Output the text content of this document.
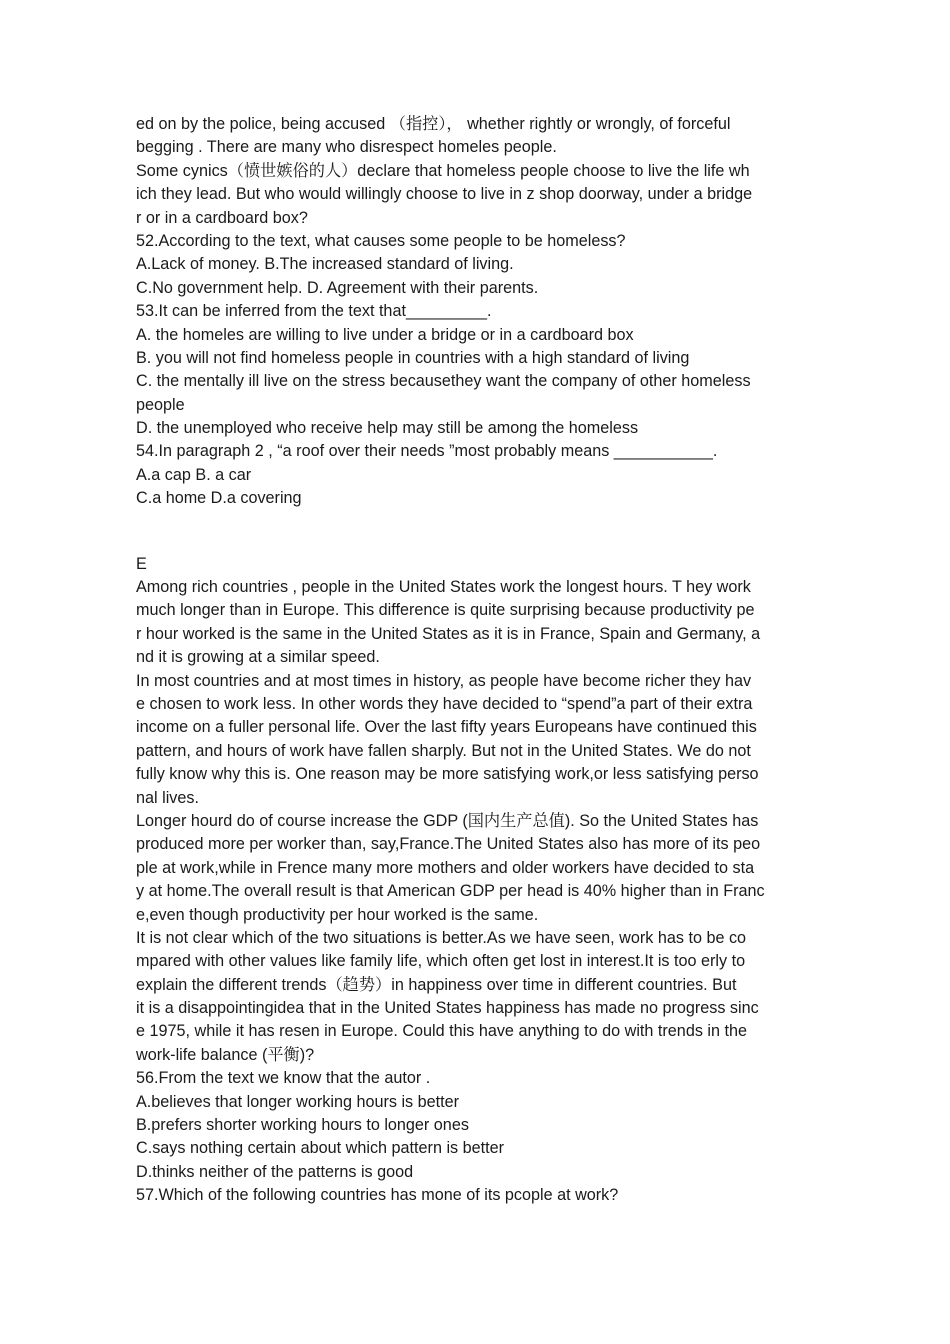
ed on by the police, being accused （指控）， whether rightly or wrongly, of forceful
begging . There are many who disrespect homeles people.
Some cynics（愤世嫉俗的人）declare that homeless people choose to live the life wh
ich they lead. But who would willingly choose to live in z shop doorway, under a bridge
r or in a cardboard box?
52.According to the text, what causes some people to be homeless?
A.Lack of money. B.The increased standard of living.
C.No government help. D. Agreement with their parents.
53.It can be inferred from the text that_________.
A. the homeles are willing to live under a bridge or in a cardboard box
B. you will not find homeless people in countries with a high standard of living
C. the mentally ill live on the stress becausethey want the company of other homeless
people
D. the unemployed who receive help may still be among the homeless
54.In paragraph 2 , “a roof over their needs ”most probably means ___________.
A.a cap B. a car
C.a home D.a covering
E
Among rich countries , people in the United States work the longest hours. T hey work
much longer than in Europe. This difference is quite surprising because productivity pe
r hour worked is the same in the United States as it is in France, Spain and Germany, a
nd it is growing at a similar speed.
In most countries and at most times in history, as people have become richer they hav
e chosen to work less. In other words they have decided to “spend”a part of their extra
income on a fuller personal life. Over the last fifty years Europeans have continued this
pattern, and hours of work have fallen sharply. But not in the United States. We do not
fully know why this is. One reason may be more satisfying work,or less satisfying perso
nal lives.
Longer hourd do of course increase the GDP (国内生产总值). So the United States has
produced more per worker than, say,France.The United States also has more of its peo
ple at work,while in Frence many more mothers and older workers have decided to sta
y at home.The overall result is that American GDP per head is 40% higher than in Franc
e,even though productivity per hour worked is the same.
It is not clear which of the two situations is better.As we have seen, work has to be co
mpared with other values like family life, which often get lost in interest.It is too erly to
explain the different trends（趋势）in happiness over time in different countries. But
it is a disappointingidea that in the United States happiness has made no progress sinc
e 1975, while it has resen in Europe. Could this have anything to do with trends in the
work-life balance (平衡)?
56.From the text we know that the autor .
A.believes that longer working hours is better
B.prefers shorter working hours to longer ones
C.says nothing certain about which pattern is better
D.thinks neither of the patterns is good
57.Which of the following countries has mone of its pcople at work?
